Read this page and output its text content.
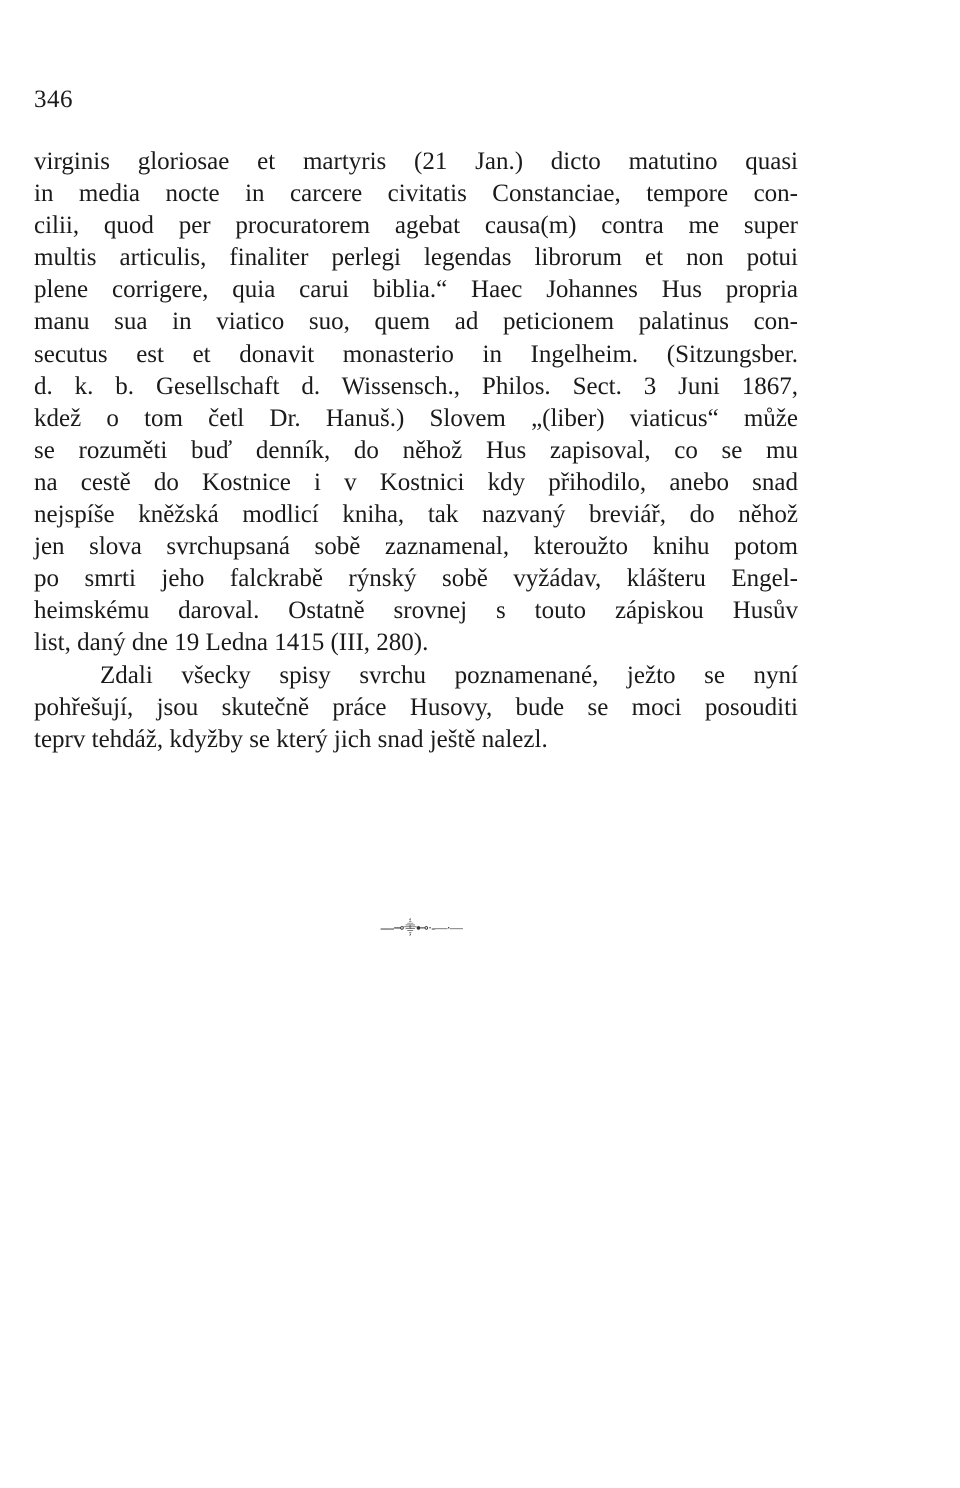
346
virginis gloriosae et martyris (21 Jan.) dicto matutino quasi
in media nocte in carcere civitatis Constanciae, tempore con-
cilii, quod per procuratorem agebat causa(m) contra me super
multis articulis, finaliter perlegi legendas librorum et non potui
plene corrigere, quia carui biblia.“ Haec Johannes Hus propria
manu sua in viatico suo, quem ad peticionem palatinus con-
secutus est et donavit monasterio in Ingelheim. (Sitzungsber.
d. k. b. Gesellschaft d. Wissensch., Philos. Sect. 3 Juni 1867,
kdež o tom četl Dr. Hanuš.) Slovem „(liber) viaticus“ může
se rozuměti buď denník, do něhož Hus zapisoval, co se mu
na cestě do Kostnice i v Kostnici kdy přihodilo, anebo snad
nejspíše kněžská modlicí kniha, tak nazvaný breviář, do něhož
jen slova svrchupsaná sobě zaznamenal, kteroužto knihu potom
po smrti jeho falckrabě rýnský sobě vyžádav, klášteru Engel-
heimskému daroval. Ostatně srovnej s touto zápiskou Husův
list, daný dne 19 Ledna 1415 (III, 280).
Zdali všecky spisy svrchu poznamenané, ježto se nyní
pohřešují, jsou skutečně práce Husovy, bude se moci posouditi
teprv tehdáž, kdyžby se který jich snad ještě nalezl.
----⊸⸎⊷·-—·—
